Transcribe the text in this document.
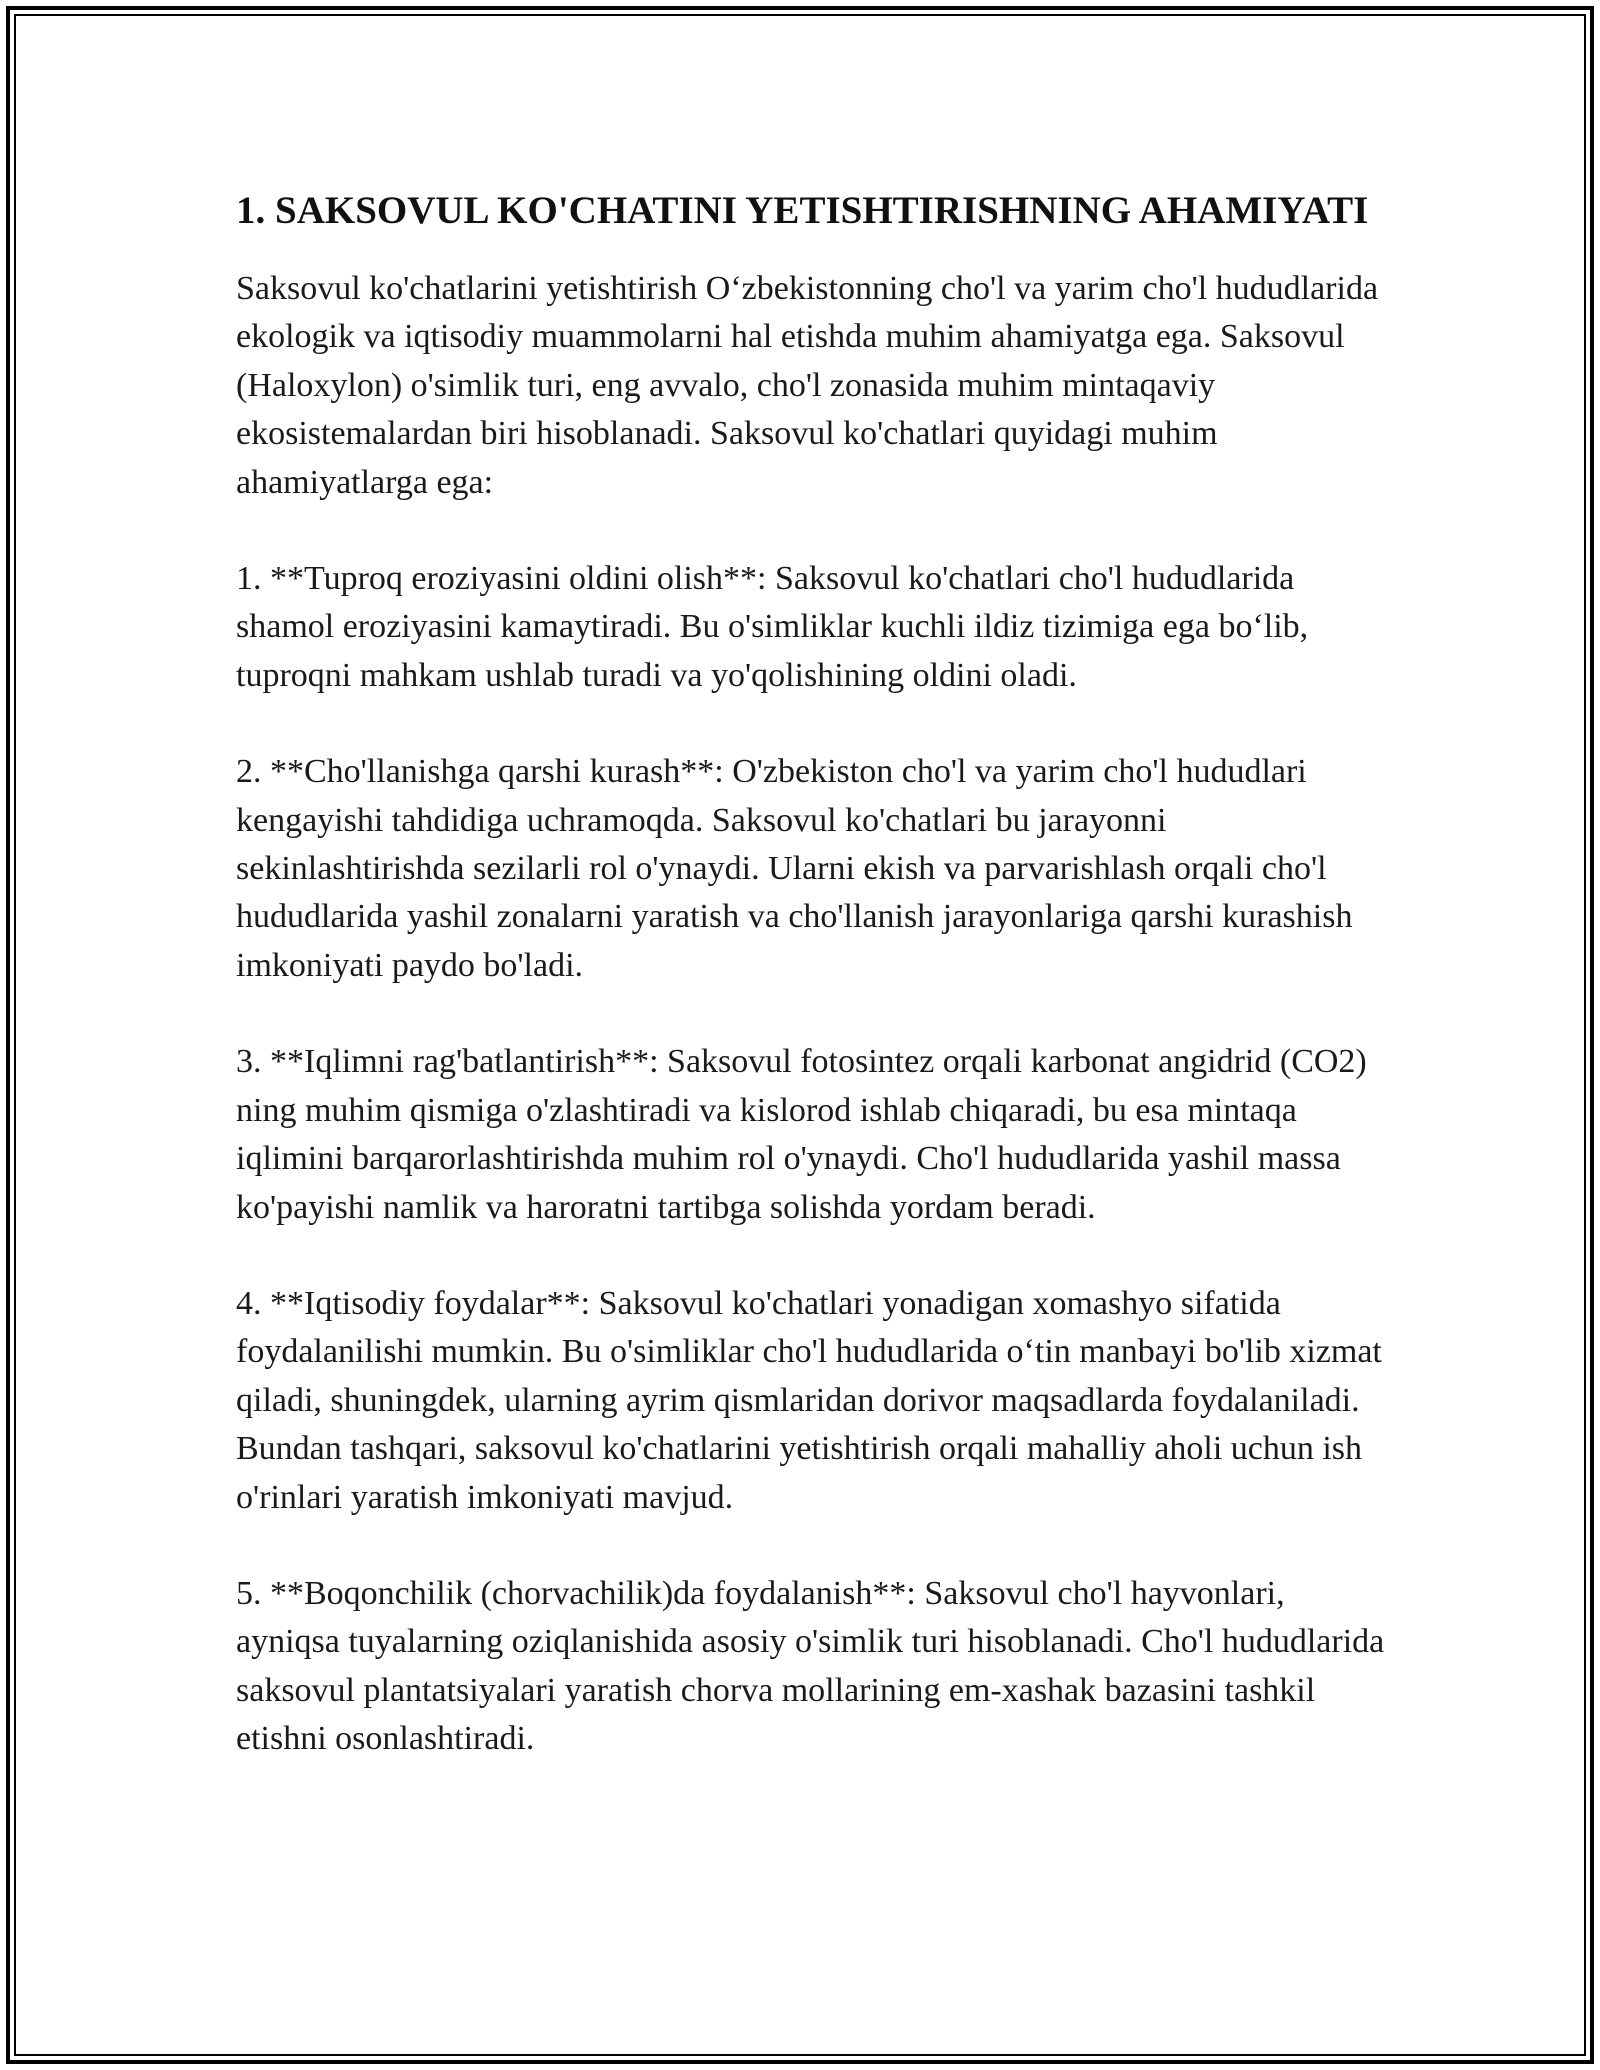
1. SAKSOVUL KO'CHATINI YETISHTIRISHNING AHAMIYATI

Saksovul ko'chatlarini yetishtirish O‘zbekistonning cho'l va yarim cho'l hududlarida ekologik va iqtisodiy muammolarni hal etishda muhim ahamiyatga ega. Saksovul (Haloxylon) o'simlik turi, eng avvalo, cho'l zonasida muhim mintaqaviy ekosistemalardan biri hisoblanadi. Saksovul ko'chatlari quyidagi muhim ahamiyatlarga ega:

1. **Tuproq eroziyasini oldini olish**: Saksovul ko'chatlari cho'l hududlarida shamol eroziyasini kamaytiradi. Bu o'simliklar kuchli ildiz tizimiga ega bo‘lib, tuproqni mahkam ushlab turadi va yo'qolishining oldini oladi.

2. **Cho'llanishga qarshi kurash**: O'zbekiston cho'l va yarim cho'l hududlari kengayishi tahdidiga uchramoqda. Saksovul ko'chatlari bu jarayonni sekinlashtirishda sezilarli rol o'ynaydi. Ularni ekish va parvarishlash orqali cho'l hududlarida yashil zonalarni yaratish va cho'llanish jarayonlariga qarshi kurashish imkoniyati paydo bo'ladi.

3. **Iqlimni rag'batlantirish**: Saksovul fotosintez orqali karbonat angidrid (CO2) ning muhim qismiga o'zlashtiradi va kislorod ishlab chiqaradi, bu esa mintaqa iqlimini barqarorlashtirishda muhim rol o'ynaydi. Cho'l hududlarida yashil massa ko'payishi namlik va haroratni tartibga solishda yordam beradi.

4. **Iqtisodiy foydalar**: Saksovul ko'chatlari yonadigan xomashyo sifatida foydalanilishi mumkin. Bu o'simliklar cho'l hududlarida o‘tin manbayi bo'lib xizmat qiladi, shuningdek, ularning ayrim qismlaridan dorivor maqsadlarda foydalaniladi. Bundan tashqari, saksovul ko'chatlarini yetishtirish orqali mahalliy aholi uchun ish o'rinlari yaratish imkoniyati mavjud.

5. **Boqonchilik (chorvachilik)da foydalanish**: Saksovul cho'l hayvonlari, ayniqsa tuyalarning oziqlanishida asosiy o'simlik turi hisoblanadi. Cho'l hududlarida saksovul plantatsiyalari yaratish chorva mollarining em-xashak bazasini tashkil etishni osonlashtiradi.
